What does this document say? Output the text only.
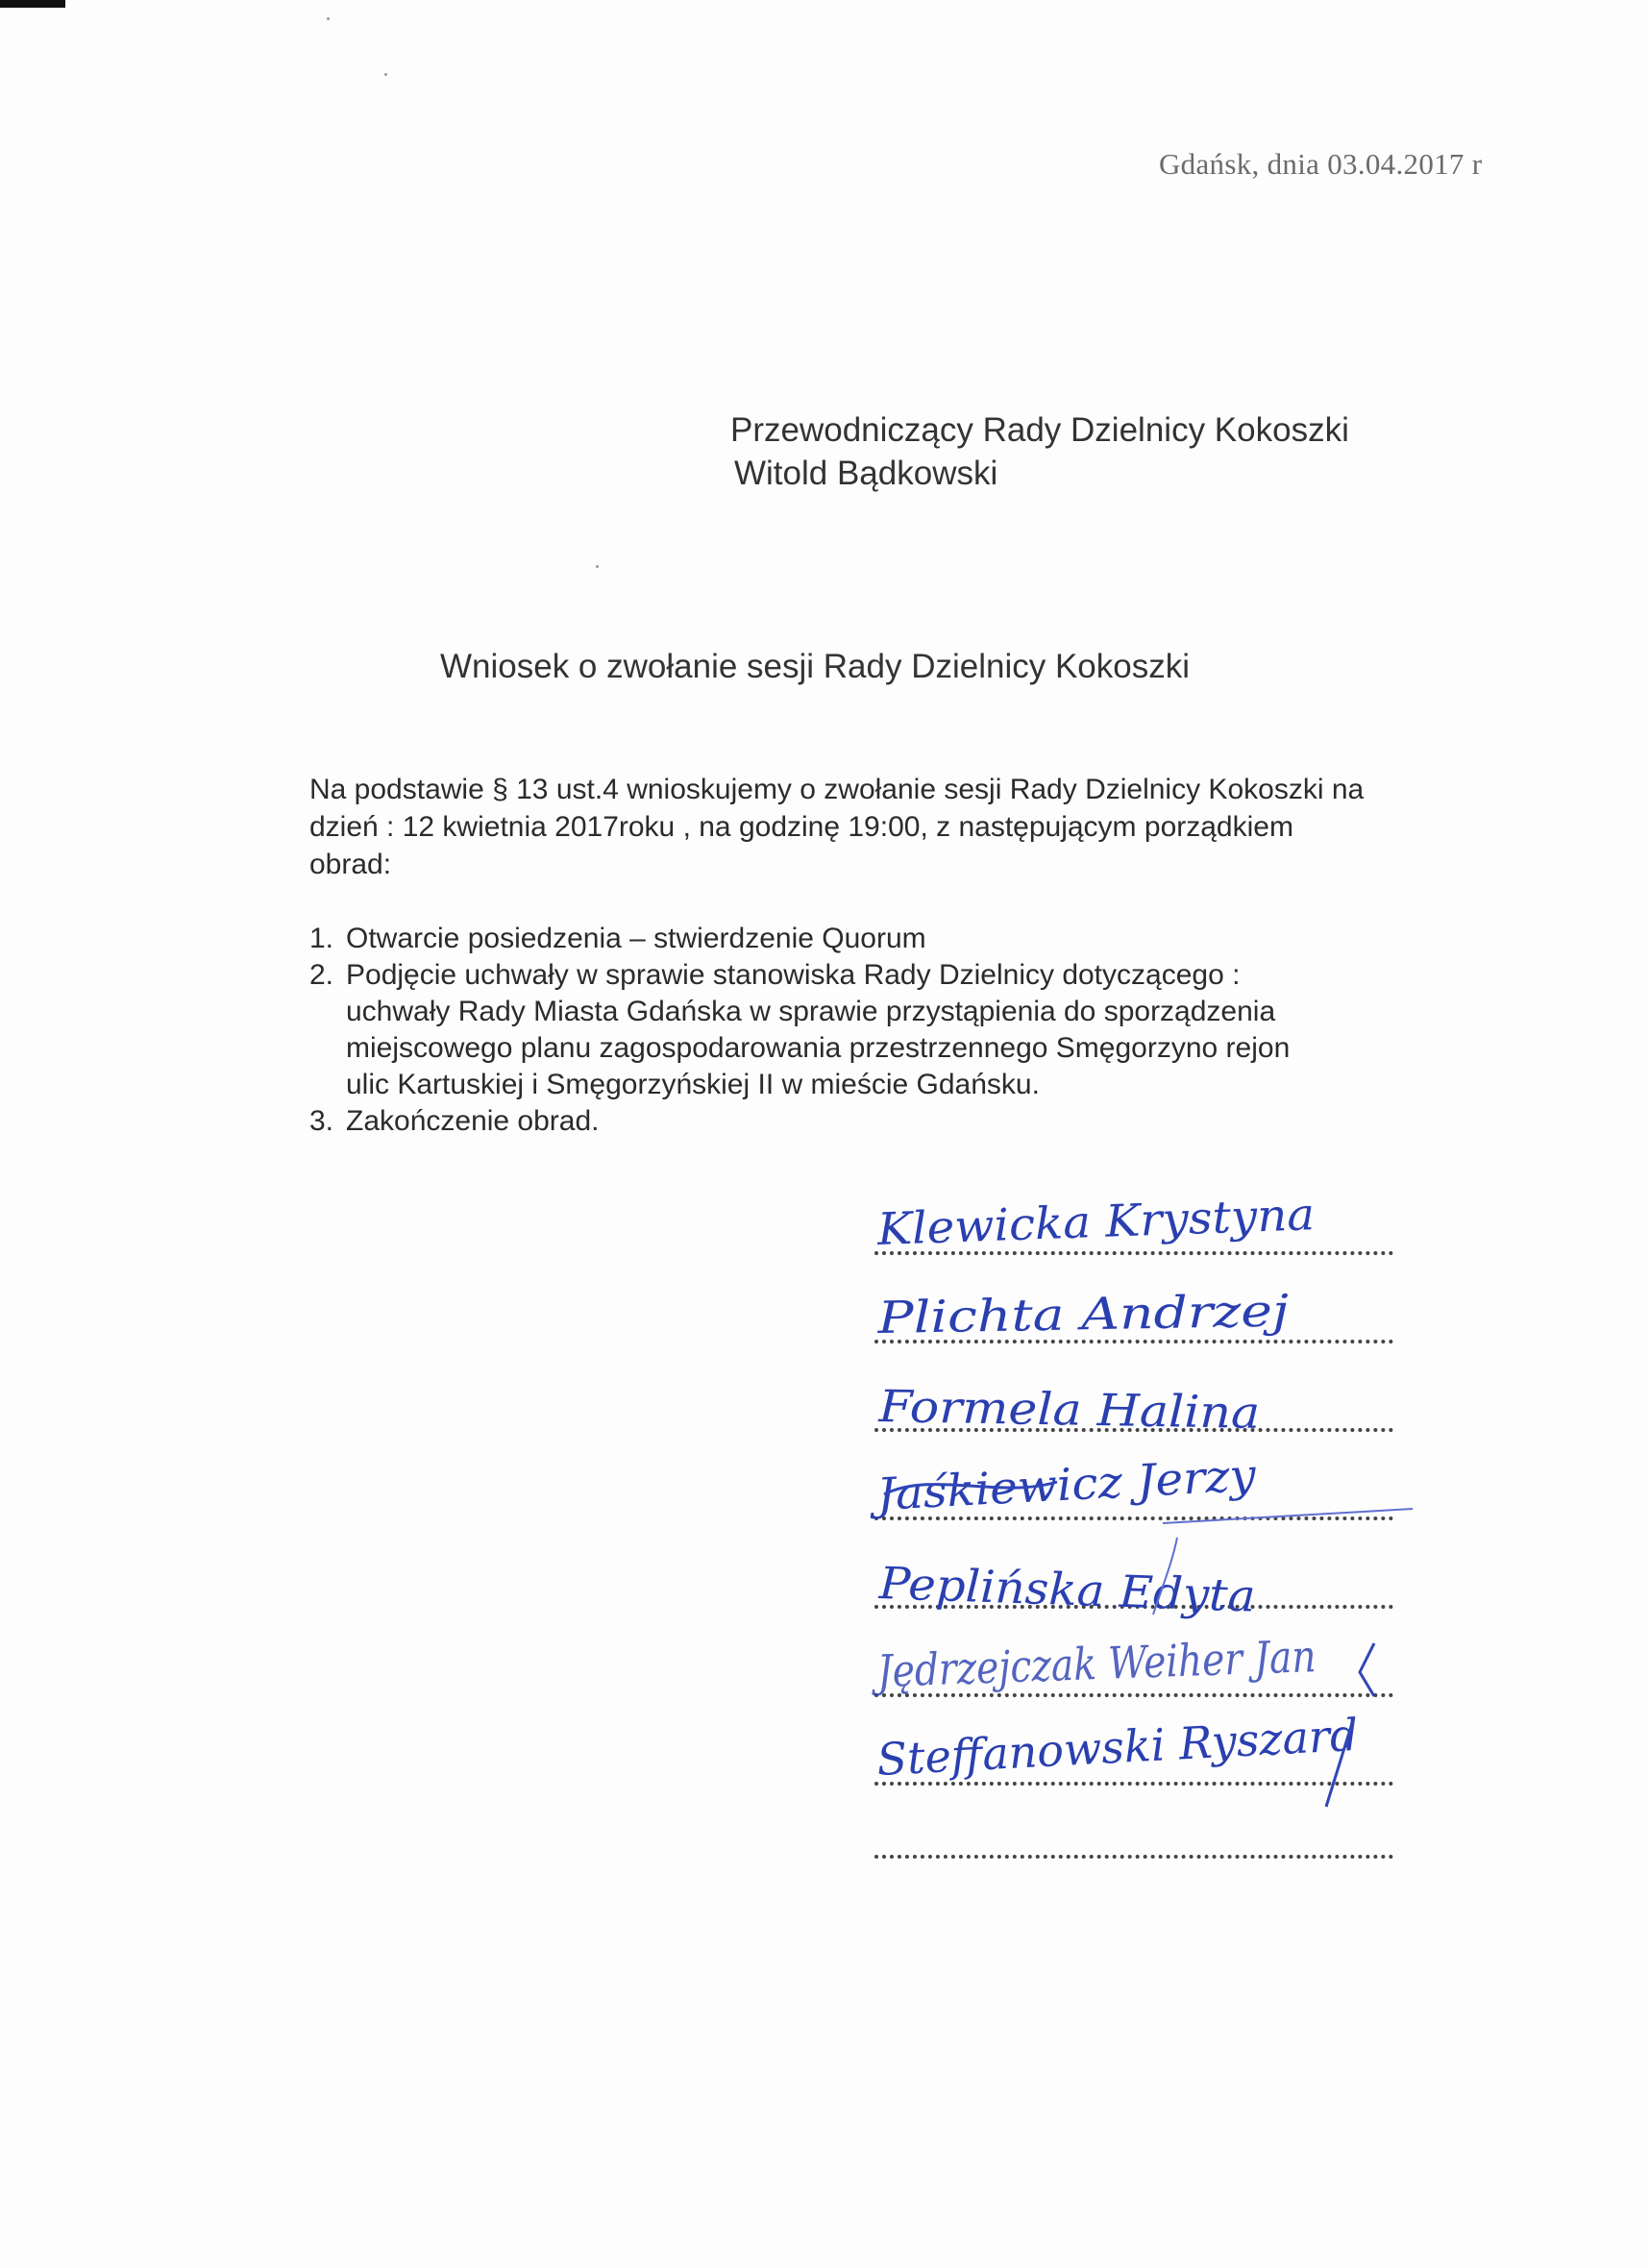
Gdańsk, dnia 03.04.2017 r
Przewodniczący Rady Dzielnicy Kokoszki
Witold Bądkowski
Wniosek o zwołanie sesji Rady Dzielnicy Kokoszki
Na podstawie § 13 ust.4 wnioskujemy o zwołanie sesji Rady Dzielnicy Kokoszki na
dzień : 12 kwietnia 2017roku , na godzinę 19:00, z następującym porządkiem
obrad:
1. Otwarcie posiedzenia – stwierdzenie Quorum
2. Podjęcie uchwały w sprawie stanowiska Rady Dzielnicy dotyczącego :
uchwały Rady Miasta Gdańska w sprawie przystąpienia do sporządzenia
miejscowego planu zagospodarowania przestrzennego Smęgorzyno rejon
ulic Kartuskiej i Smęgorzyńskiej II w mieście Gdańsku.
3. Zakończenie obrad.
Klewicka Krystyna
Plichta Andrzej
Formela Halina
Jaśkiewicz Jerzy
Peplińska Edyta
Jędrzejczak Weiher Jan
Steffanowski Ryszard
